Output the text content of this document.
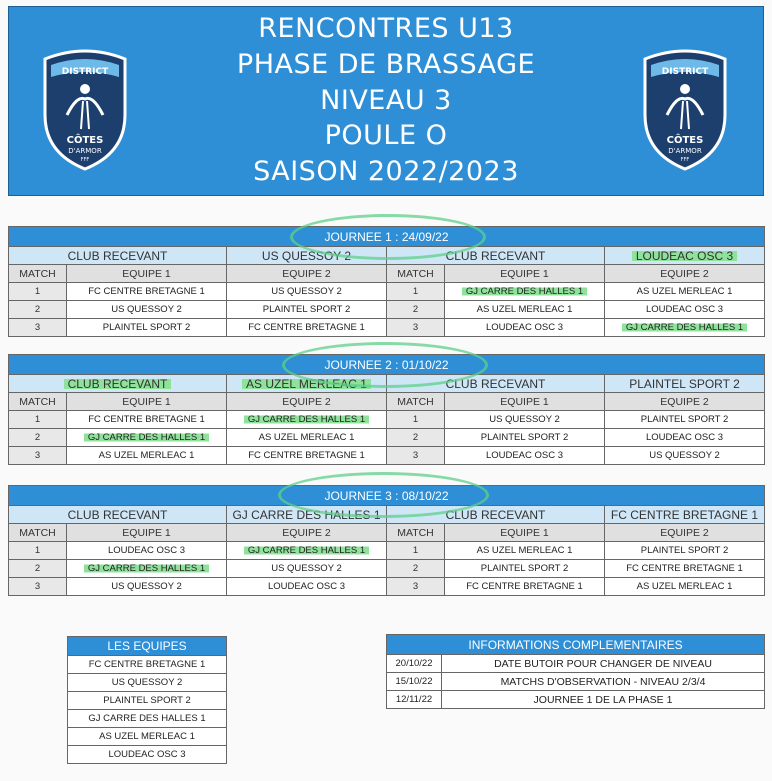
RENCONTRES U13
PHASE DE BRASSAGE
NIVEAU 3
POULE O
SAISON 2022/2023
DISTRICT
CÔTES
D'ARMOR
FFF
DISTRICT
CÔTES
D'ARMOR
FFF
JOURNEE 1 : 24/09/22					
CLUB RECEVANT		US QUESSOY 2	CLUB RECEVANT		LOUDEAC OSC 3
MATCH	EQUIPE 1	EQUIPE 2	MATCH	EQUIPE 1	EQUIPE 2
1	FC CENTRE BRETAGNE 1	US QUESSOY 2	1	GJ CARRE DES HALLES 1	AS UZEL MERLEAC 1
2	US QUESSOY 2	PLAINTEL SPORT 2	2	AS UZEL MERLEAC 1	LOUDEAC OSC 3
3	PLAINTEL SPORT 2	FC CENTRE BRETAGNE 1	3	LOUDEAC OSC 3	GJ CARRE DES HALLES 1
JOURNEE 2 : 01/10/22					
CLUB RECEVANT		AS UZEL MERLEAC 1	CLUB RECEVANT		PLAINTEL SPORT 2
MATCH	EQUIPE 1	EQUIPE 2	MATCH	EQUIPE 1	EQUIPE 2
1	FC CENTRE BRETAGNE 1	GJ CARRE DES HALLES 1	1	US QUESSOY 2	PLAINTEL SPORT 2
2	GJ CARRE DES HALLES 1	AS UZEL MERLEAC 1	2	PLAINTEL SPORT 2	LOUDEAC OSC 3
3	AS UZEL MERLEAC 1	FC CENTRE BRETAGNE 1	3	LOUDEAC OSC 3	US QUESSOY 2
JOURNEE 3 : 08/10/22					
CLUB RECEVANT		GJ CARRE DES HALLES 1	CLUB RECEVANT		FC CENTRE BRETAGNE 1
MATCH	EQUIPE 1	EQUIPE 2	MATCH	EQUIPE 1	EQUIPE 2
1	LOUDEAC OSC 3	GJ CARRE DES HALLES 1	1	AS UZEL MERLEAC 1	PLAINTEL SPORT 2
2	GJ CARRE DES HALLES 1	US QUESSOY 2	2	PLAINTEL SPORT 2	FC CENTRE BRETAGNE 1
3	US QUESSOY 2	LOUDEAC OSC 3	3	FC CENTRE BRETAGNE 1	AS UZEL MERLEAC 1
LES EQUIPES
FC CENTRE BRETAGNE 1
US QUESSOY 2
PLAINTEL SPORT 2
GJ CARRE DES HALLES 1
AS UZEL MERLEAC 1
LOUDEAC OSC 3
INFORMATIONS COMPLEMENTAIRES	
20/10/22	DATE BUTOIR POUR CHANGER DE NIVEAU
15/10/22	MATCHS D'OBSERVATION - NIVEAU 2/3/4
12/11/22	JOURNEE 1 DE LA PHASE 1
